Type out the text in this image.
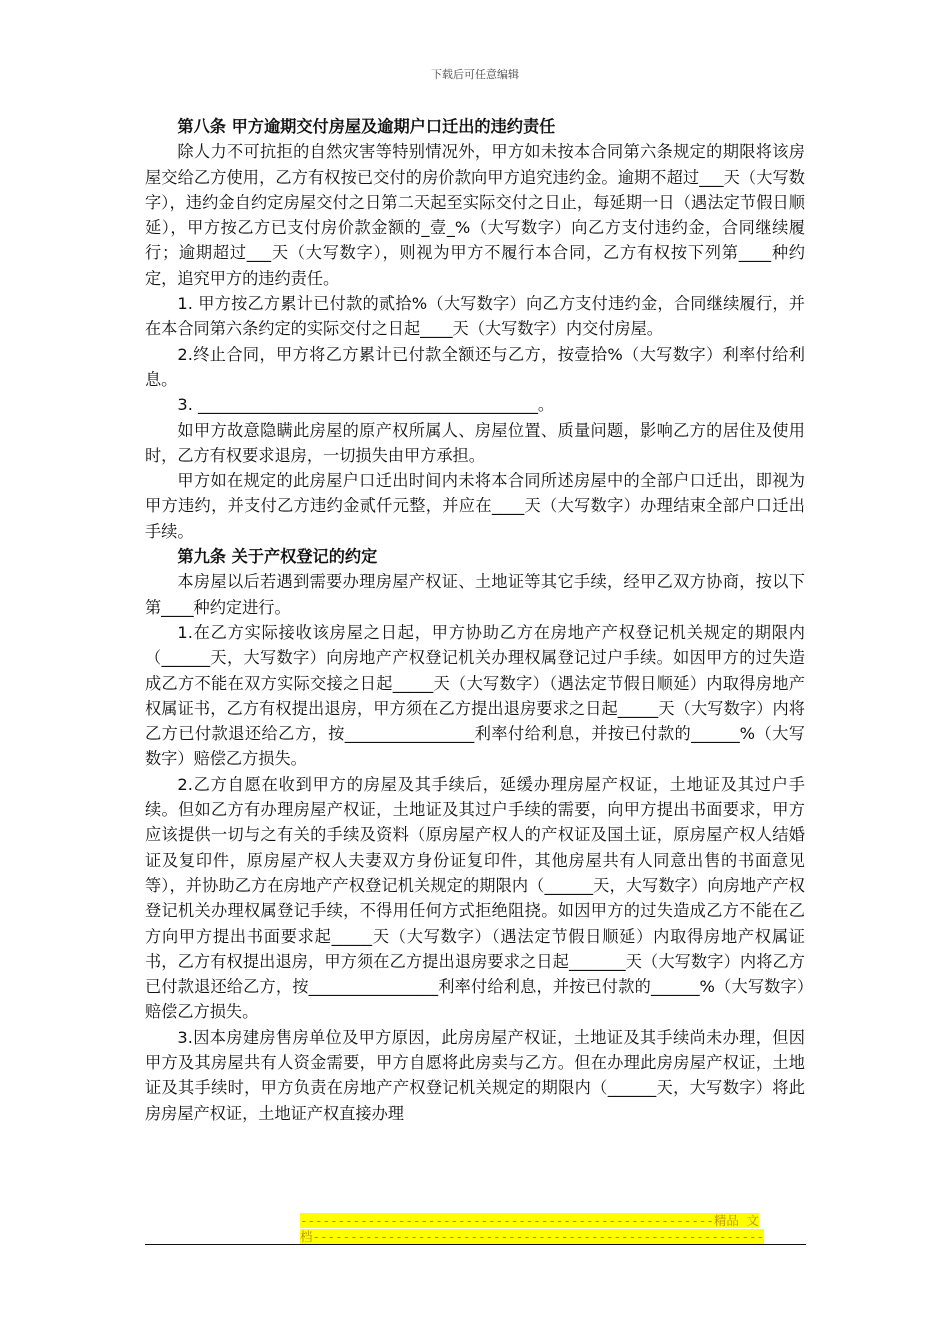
下载后可任意编辑

第八条 甲方逾期交付房屋及逾期户口迁出的违约责任

除人力不可抗拒的自然灾害等特别情况外，甲方如未按本合同第六条规定的期限将该房屋交给乙方使用，乙方有权按已交付的房价款向甲方追究违约金。逾期不超过___天（大写数字），违约金自约定房屋交付之日第二天起至实际交付之日止，每延期一日（遇法定节假日顺延），甲方按乙方已支付房价款金额的_壹_%（大写数字）向乙方支付违约金，合同继续履行；逾期超过___天（大写数字），则视为甲方不履行本合同，乙方有权按下列第____种约定，追究甲方的违约责任。

1. 甲方按乙方累计已付款的贰拾%（大写数字）向乙方支付违约金，合同继续履行，并在本合同第六条约定的实际交付之日起____天（大写数字）内交付房屋。

2.终止合同，甲方将乙方累计已付款全额还与乙方，按壹拾%（大写数字）利率付给利息。

3. __________________________________________。

如甲方故意隐瞒此房屋的原产权所属人、房屋位置、质量问题，影响乙方的居住及使用时，乙方有权要求退房，一切损失由甲方承担。

甲方如在规定的此房屋户口迁出时间内未将本合同所述房屋中的全部户口迁出，即视为甲方违约，并支付乙方违约金贰仟元整，并应在____天（大写数字）办理结束全部户口迁出手续。

第九条 关于产权登记的约定

本房屋以后若遇到需要办理房屋产权证、土地证等其它手续，经甲乙双方协商，按以下第____种约定进行。

1.在乙方实际接收该房屋之日起，甲方协助乙方在房地产产权登记机关规定的期限内（______天，大写数字）向房地产产权登记机关办理权属登记过户手续。如因甲方的过失造成乙方不能在双方实际交接之日起_____天（大写数字）（遇法定节假日顺延）内取得房地产权属证书，乙方有权提出退房，甲方须在乙方提出退房要求之日起_____天（大写数字）内将乙方已付款退还给乙方，按________________利率付给利息，并按已付款的______%（大写数字）赔偿乙方损失。

2.乙方自愿在收到甲方的房屋及其手续后，延缓办理房屋产权证，土地证及其过户手续。但如乙方有办理房屋产权证，土地证及其过户手续的需要，向甲方提出书面要求，甲方应该提供一切与之有关的手续及资料（原房屋产权人的产权证及国土证，原房屋产权人结婚证及复印件，原房屋产权人夫妻双方身份证复印件，其他房屋共有人同意出售的书面意见等），并协助乙方在房地产产权登记机关规定的期限内（______天，大写数字）向房地产产权登记机关办理权属登记手续，不得用任何方式拒绝阻挠。如因甲方的过失造成乙方不能在乙方向甲方提出书面要求起_____天（大写数字）（遇法定节假日顺延）内取得房地产权属证书，乙方有权提出退房，甲方须在乙方提出退房要求之日起_______天（大写数字）内将乙方已付款退还给乙方，按________________利率付给利息，并按已付款的______%（大写数字）赔偿乙方损失。

3.因本房建房售房单位及甲方原因，此房房屋产权证，土地证及其手续尚未办理，但因甲方及其房屋共有人资金需要，甲方自愿将此房卖与乙方。但在办理此房房屋产权证，土地证及其手续时，甲方负责在房地产产权登记机关规定的期限内（______天，大写数字）将此房房屋产权证，土地证产权直接办理

-------------------------------------------------------精品 文
档------------------------------------------------------------
